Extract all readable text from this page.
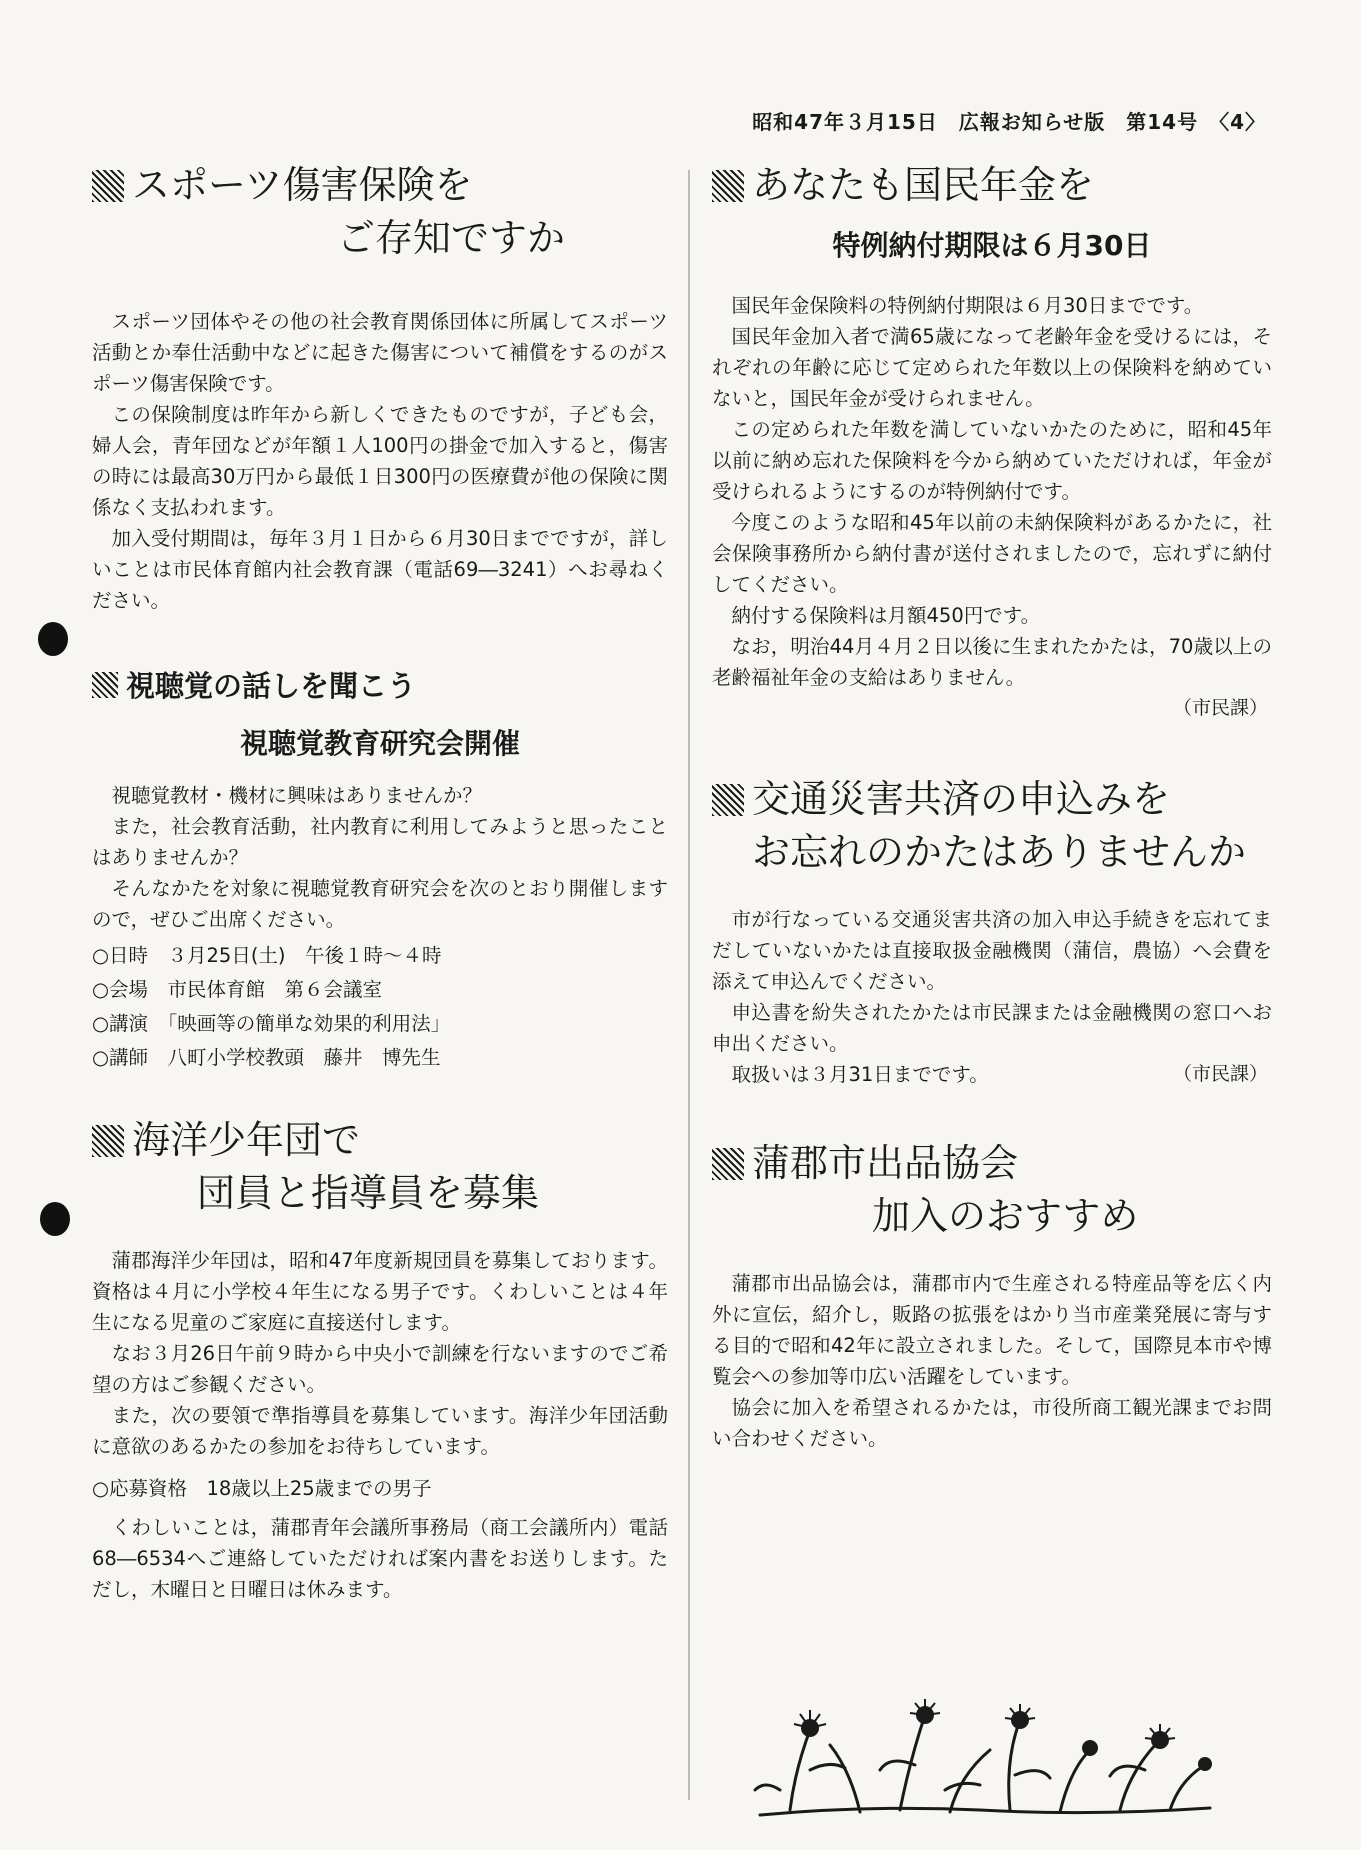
昭和47年３月15日　広報お知らせ版　第14号　〈4〉
スポーツ傷害保険を
ご存知ですか

スポーツ団体やその他の社会教育関係団体に所属してスポーツ活動とか奉仕活動中などに起きた傷害について補償をするのがスポーツ傷害保険です。

この保険制度は昨年から新しくできたものですが，子ども会，婦人会，青年団などが年額１人100円の掛金で加入すると，傷害の時には最高30万円から最低１日300円の医療費が他の保険に関係なく支払われます。

加入受付期間は，毎年３月１日から６月30日までですが，詳しいことは市民体育館内社会教育課（電話69―3241）へお尋ねください。

視聴覚の話しを聞こう
視聴覚教育研究会開催

視聴覚教材・機材に興味はありませんか？

また，社会教育活動，社内教育に利用してみようと思ったことはありませんか？

そんなかたを対象に視聴覚教育研究会を次のとおり開催しますので，ぜひご出席ください。

○日時　３月25日(土)　午後１時～４時
○会場　市民体育館　第６会議室
○講演　「映画等の簡単な効果的利用法」
○講師　八町小学校教頭　藤井　博先生
海洋少年団で
団員と指導員を募集

蒲郡海洋少年団は，昭和47年度新規団員を募集しております。資格は４月に小学校４年生になる男子です。くわしいことは４年生になる児童のご家庭に直接送付します。

なお３月26日午前９時から中央小で訓練を行ないますのでご希望の方はご参観ください。

また，次の要領で準指導員を募集しています。海洋少年団活動に意欲のあるかたの参加をお待ちしています。

○応募資格　18歳以上25歳までの男子

くわしいことは，蒲郡青年会議所事務局（商工会議所内）電話68―6534へご連絡していただければ案内書をお送りします。ただし，木曜日と日曜日は休みます。

あなたも国民年金を
特例納付期限は６月30日

国民年金保険料の特例納付期限は６月30日までです。

国民年金加入者で満65歳になって老齢年金を受けるには，それぞれの年齢に応じて定められた年数以上の保険料を納めていないと，国民年金が受けられません。

この定められた年数を満していないかたのために，昭和45年以前に納め忘れた保険料を今から納めていただければ，年金が受けられるようにするのが特例納付です。

今度このような昭和45年以前の未納保険料があるかたに，社会保険事務所から納付書が送付されましたので，忘れずに納付してください。

納付する保険料は月額450円です。

なお，明治44月４月２日以後に生まれたかたは，70歳以上の老齢福祉年金の支給はありません。

（市民課）
交通災害共済の申込みを
お忘れのかたはありませんか

市が行なっている交通災害共済の加入申込手続きを忘れてまだしていないかたは直接取扱金融機関（蒲信，農協）へ会費を添えて申込んでください。

申込書を紛失されたかたは市民課または金融機関の窓口へお申出ください。

取扱いは３月31日までです。	（市民課）
蒲郡市出品協会
加入のおすすめ

蒲郡市出品協会は，蒲郡市内で生産される特産品等を広く内外に宣伝，紹介し，販路の拡張をはかり当市産業発展に寄与する目的で昭和42年に設立されました。そして，国際見本市や博覧会への参加等巾広い活躍をしています。

協会に加入を希望されるかたは，市役所商工観光課までお問い合わせください。
